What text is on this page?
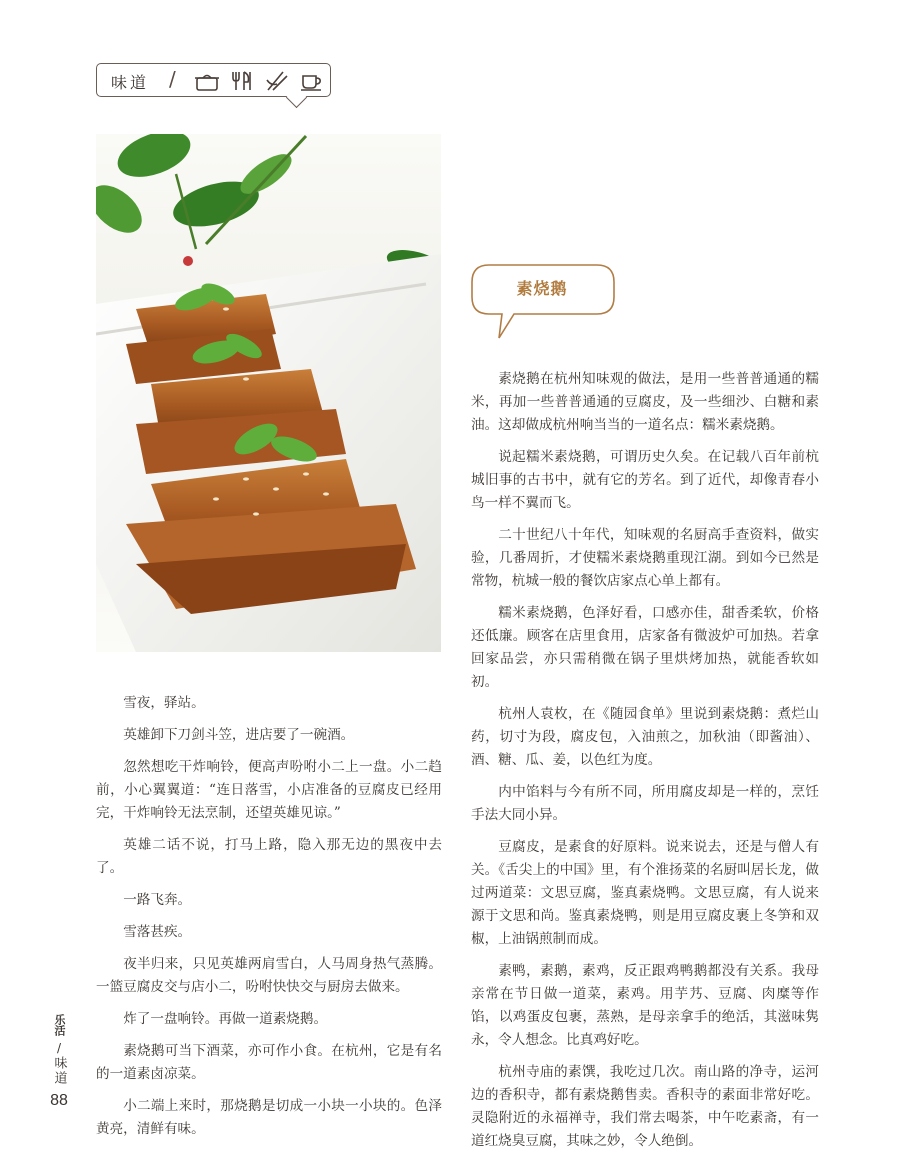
味道 /
素烧鹅

雪夜，驿站。

英雄卸下刀剑斗笠，进店要了一碗酒。

忽然想吃干炸响铃，便高声吩咐小二上一盘。小二趋前，小心翼翼道：“连日落雪，小店准备的豆腐皮已经用完，干炸响铃无法烹制，还望英雄见谅。”

英雄二话不说，打马上路，隐入那无边的黑夜中去了。

一路飞奔。

雪落甚疾。

夜半归来，只见英雄两肩雪白，人马周身热气蒸腾。一篮豆腐皮交与店小二，吩咐快快交与厨房去做来。

炸了一盘响铃。再做一道素烧鹅。

素烧鹅可当下酒菜，亦可作小食。在杭州，它是有名的一道素卤凉菜。

小二端上来时，那烧鹅是切成一小块一小块的。色泽黄亮，清鲜有味。

素烧鹅在杭州知味观的做法，是用一些普普通通的糯米，再加一些普普通通的豆腐皮，及一些细沙、白糖和素油。这却做成杭州响当当的一道名点：糯米素烧鹅。

说起糯米素烧鹅，可谓历史久矣。在记载八百年前杭城旧事的古书中，就有它的芳名。到了近代，却像青春小鸟一样不翼而飞。

二十世纪八十年代，知味观的名厨高手查资料，做实验，几番周折，才使糯米素烧鹅重现江湖。到如今已然是常物，杭城一般的餐饮店家点心单上都有。

糯米素烧鹅，色泽好看，口感亦佳，甜香柔软，价格还低廉。顾客在店里食用，店家备有微波炉可加热。若拿回家品尝，亦只需稍微在锅子里烘烤加热，就能香软如初。

杭州人袁枚，在《随园食单》里说到素烧鹅：煮烂山药，切寸为段，腐皮包，入油煎之，加秋油（即酱油）、酒、糖、瓜、姜，以色红为度。

内中馅料与今有所不同，所用腐皮却是一样的，烹饪手法大同小异。

豆腐皮，是素食的好原料。说来说去，还是与僧人有关。《舌尖上的中国》里，有个淮扬菜的名厨叫居长龙，做过两道菜：文思豆腐，鉴真素烧鸭。文思豆腐，有人说来源于文思和尚。鉴真素烧鸭，则是用豆腐皮裹上冬笋和双椒，上油锅煎制而成。

素鸭，素鹅，素鸡，反正跟鸡鸭鹅都没有关系。我母亲常在节日做一道菜，素鸡。用芋艿、豆腐、肉糜等作馅，以鸡蛋皮包裹，蒸熟，是母亲拿手的绝活，其滋味隽永，令人想念。比真鸡好吃。

杭州寺庙的素馔，我吃过几次。南山路的净寺，运河边的香积寺，都有素烧鹅售卖。香积寺的素面非常好吃。灵隐附近的永福禅寺，我们常去喝茶，中午吃素斋，有一道红烧臭豆腐，其味之妙，令人绝倒。

乐活
/
味道
88
